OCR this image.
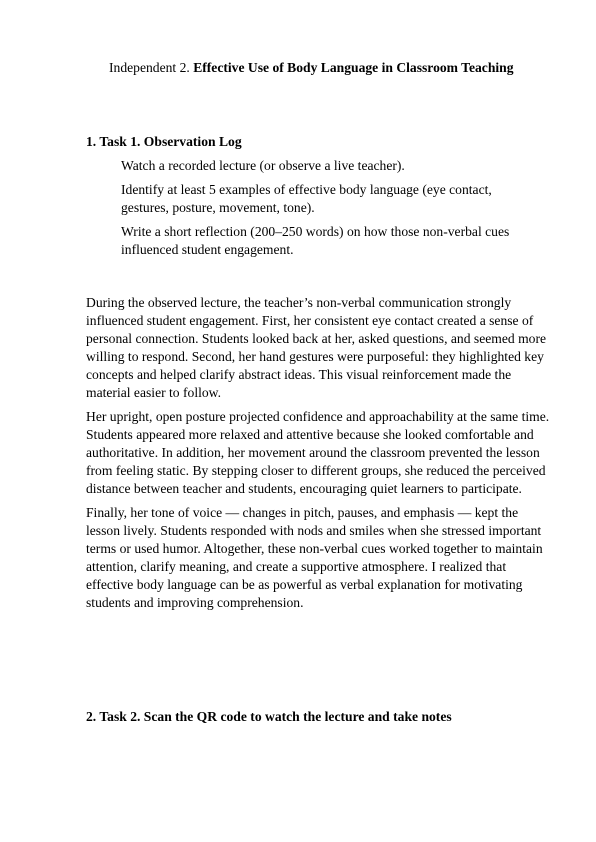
Independent 2. Effective Use of Body Language in Classroom Teaching
1. Task 1. Observation Log

Watch a recorded lecture (or observe a live teacher).

Identify at least 5 examples of effective body language (eye contact, gestures, posture, movement, tone).

Write a short reflection (200–250 words) on how those non-verbal cues influenced student engagement.

During the observed lecture, the teacher’s non-verbal communication strongly influenced student engagement. First, her consistent eye contact created a sense of personal connection. Students looked back at her, asked questions, and seemed more willing to respond. Second, her hand gestures were purposeful: they highlighted key concepts and helped clarify abstract ideas. This visual reinforcement made the material easier to follow.

Her upright, open posture projected confidence and approachability at the same time. Students appeared more relaxed and attentive because she looked comfortable and authoritative. In addition, her movement around the classroom prevented the lesson from feeling static. By stepping closer to different groups, she reduced the perceived distance between teacher and students, encouraging quiet learners to participate.

Finally, her tone of voice — changes in pitch, pauses, and emphasis — kept the lesson lively. Students responded with nods and smiles when she stressed important terms or used humor. Altogether, these non-verbal cues worked together to maintain attention, clarify meaning, and create a supportive atmosphere. I realized that effective body language can be as powerful as verbal explanation for motivating students and improving comprehension.

2. Task 2. Scan the QR code to watch the lecture and take notes
